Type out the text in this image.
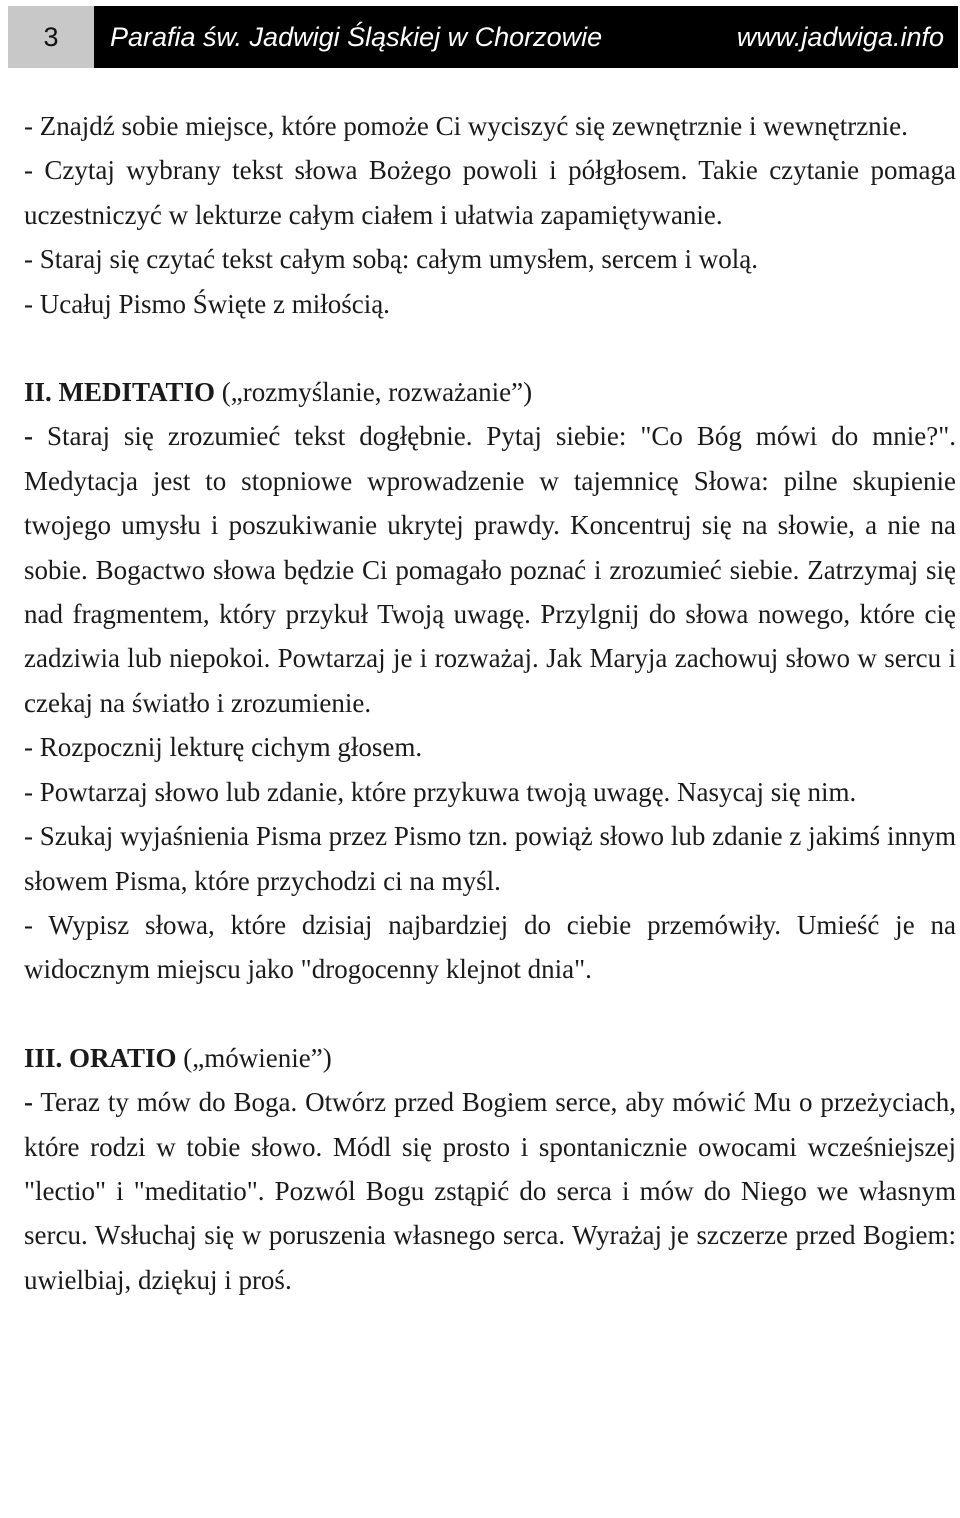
3	Parafia św. Jadwigi Śląskiej w Chorzowie	www.jadwiga.info

- Znajdź sobie miejsce, które pomoże Ci wyciszyć się zewnętrznie i wewnętrznie.

- Czytaj wybrany tekst słowa Bożego powoli i półgłosem. Takie czytanie pomaga uczestniczyć w lekturze całym ciałem i ułatwia zapamiętywanie.

- Staraj się czytać tekst całym sobą: całym umysłem, sercem i wolą.

- Ucałuj Pismo Święte z miłością.

II. MEDITATIO („rozmyślanie, rozważanie”)

- Staraj się zrozumieć tekst dogłębnie. Pytaj siebie: "Co Bóg mówi do mnie?". Medytacja jest to stopniowe wprowadzenie w tajemnicę Słowa: pilne skupienie twojego umysłu i poszukiwanie ukrytej prawdy. Koncentruj się na słowie, a nie na sobie. Bogactwo słowa będzie Ci pomagało poznać i zrozumieć siebie. Zatrzymaj się nad fragmentem, który przykuł Twoją uwagę. Przylgnij do słowa nowego, które cię zadziwia lub niepokoi. Powtarzaj je i rozważaj. Jak Maryja zachowuj słowo w sercu i czekaj na światło i zrozumienie.

- Rozpocznij lekturę cichym głosem.

- Powtarzaj słowo lub zdanie, które przykuwa twoją uwagę. Nasycaj się nim.

- Szukaj wyjaśnienia Pisma przez Pismo tzn. powiąż słowo lub zdanie z jakimś innym słowem Pisma, które przychodzi ci na myśl.

- Wypisz słowa, które dzisiaj najbardziej do ciebie przemówiły. Umieść je na widocznym miejscu jako "drogocenny klejnot dnia".

III. ORATIO („mówienie”)

- Teraz ty mów do Boga. Otwórz przed Bogiem serce, aby mówić Mu o przeżyciach, które rodzi w tobie słowo. Módl się prosto i spontanicznie owocami wcześniejszej "lectio" i "meditatio". Pozwól Bogu zstąpić do serca i mów do Niego we własnym sercu. Wsłuchaj się w poruszenia własnego serca. Wyrażaj je szczerze przed Bogiem: uwielbiaj, dziękuj i proś.
